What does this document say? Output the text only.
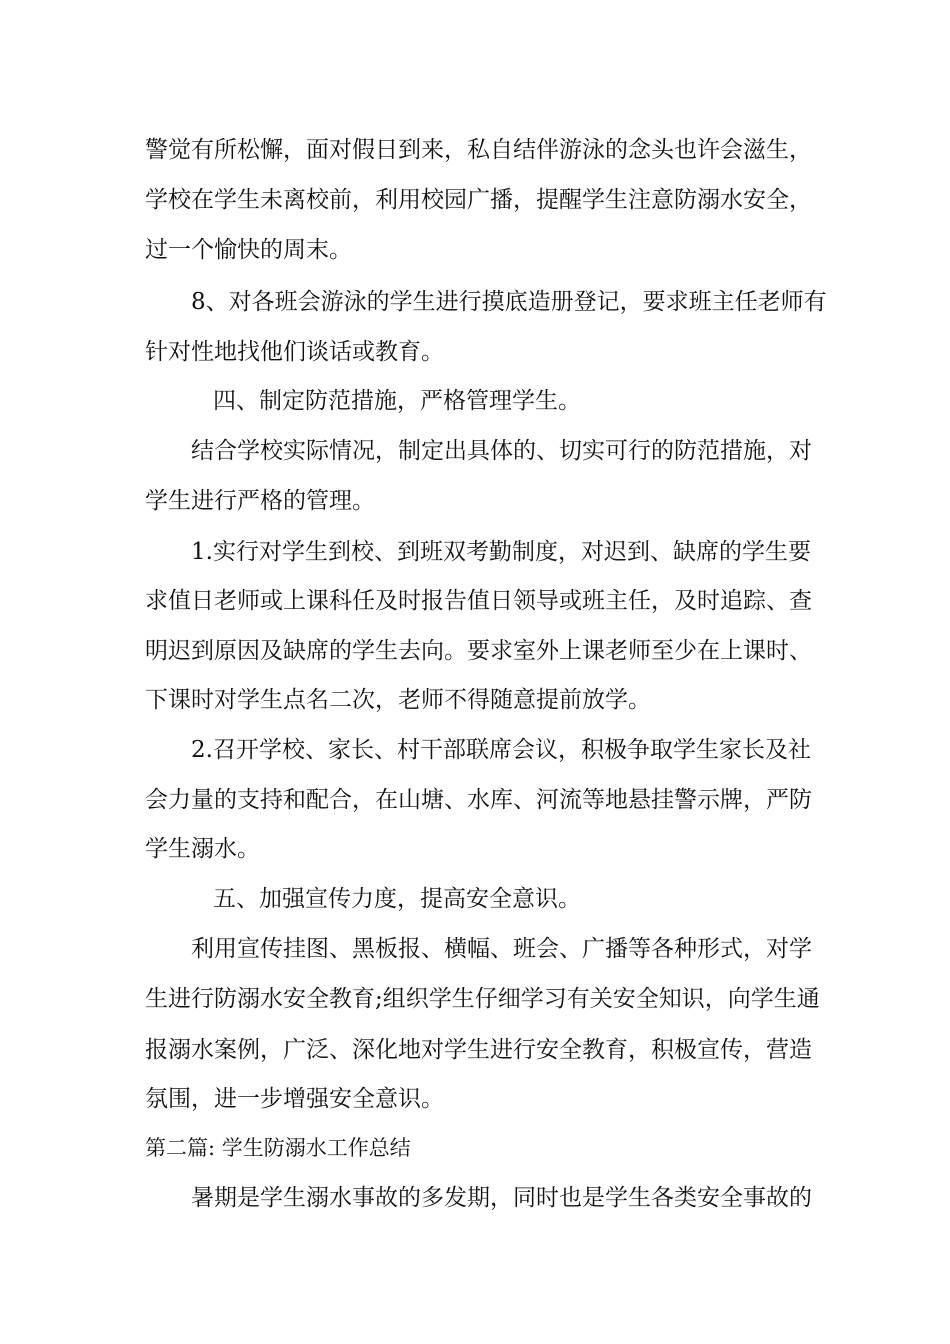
警觉有所松懈，面对假日到来，私自结伴游泳的念头也许会滋生，
学校在学生未离校前，利用校园广播，提醒学生注意防溺水安全，
过一个愉快的周末。
8、对各班会游泳的学生进行摸底造册登记，要求班主任老师有
针对性地找他们谈话或教育。
四、制定防范措施，严格管理学生。
结合学校实际情况，制定出具体的、切实可行的防范措施，对
学生进行严格的管理。
1.实行对学生到校、到班双考勤制度，对迟到、缺席的学生要
求值日老师或上课科任及时报告值日领导或班主任，及时追踪、查
明迟到原因及缺席的学生去向。要求室外上课老师至少在上课时、
下课时对学生点名二次，老师不得随意提前放学。
2.召开学校、家长、村干部联席会议，积极争取学生家长及社
会力量的支持和配合，在山塘、水库、河流等地悬挂警示牌，严防
学生溺水。
五、加强宣传力度，提高安全意识。
利用宣传挂图、黑板报、横幅、班会、广播等各种形式，对学
生进行防溺水安全教育;组织学生仔细学习有关安全知识，向学生通
报溺水案例，广泛、深化地对学生进行安全教育，积极宣传，营造
氛围，进一步增强安全意识。
第二篇: 学生防溺水工作总结
暑期是学生溺水事故的多发期，同时也是学生各类安全事故的
